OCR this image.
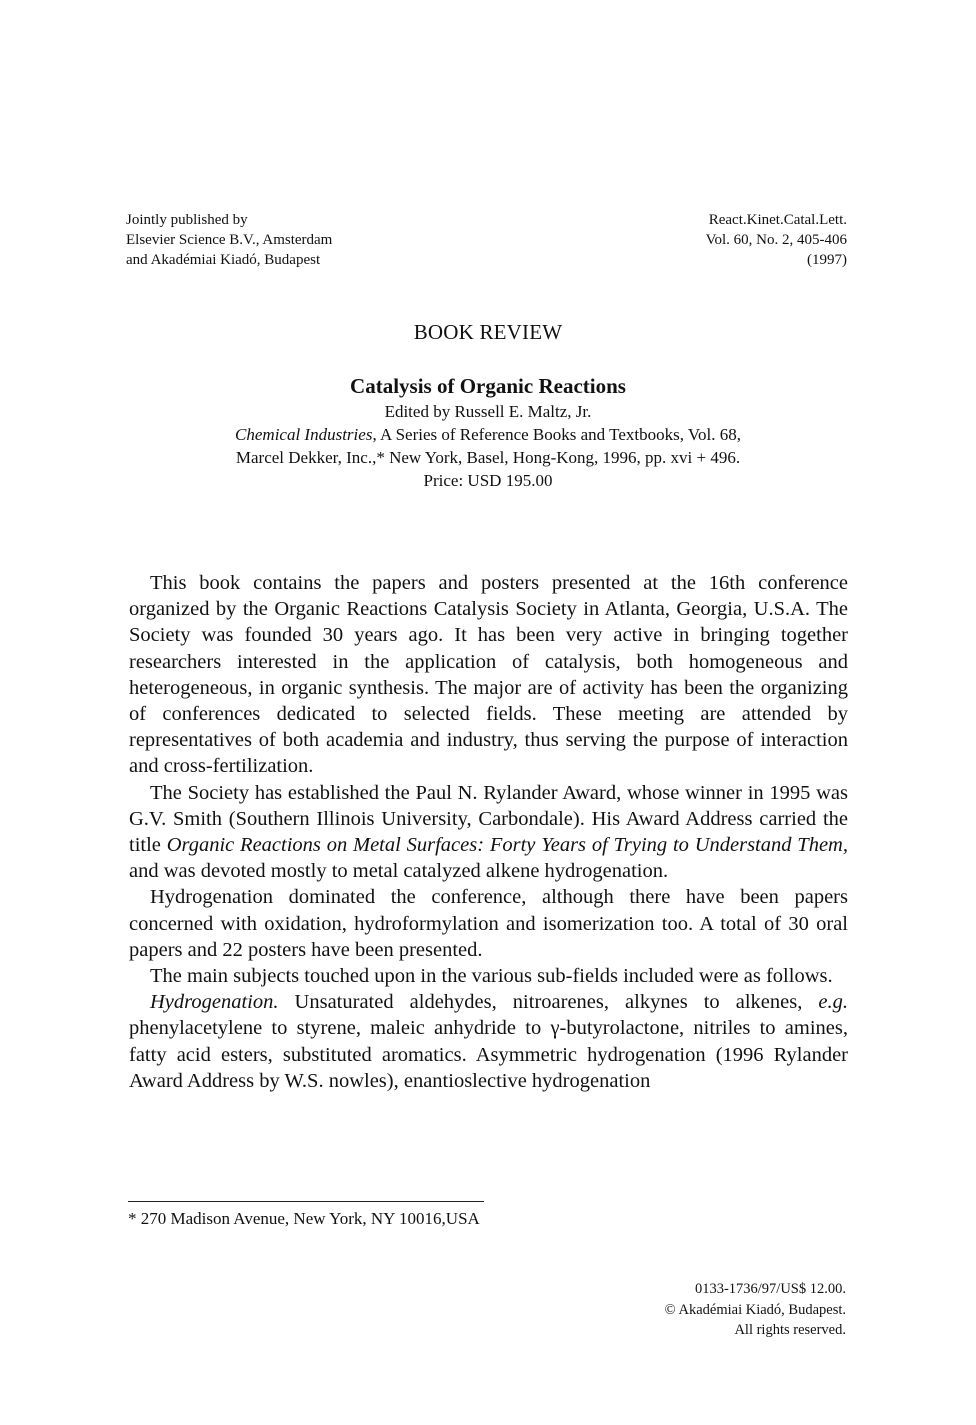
Jointly published by
Elsevier Science B.V., Amsterdam
and Akadémiai Kiadó, Budapest
React.Kinet.Catal.Lett.
Vol. 60, No. 2, 405-406
(1997)
BOOK REVIEW
Catalysis of Organic Reactions
Edited by Russell E. Maltz, Jr.
Chemical Industries, A Series of Reference Books and Textbooks, Vol. 68,
Marcel Dekker, Inc.,* New York, Basel, Hong-Kong, 1996, pp. xvi + 496.
Price: USD 195.00

This book contains the papers and posters presented at the 16th conference organized by the Organic Reactions Catalysis Society in Atlanta, Georgia, U.S.A. The Society was founded 30 years ago. It has been very active in bringing together researchers interested in the application of catalysis, both homogeneous and heterogeneous, in organic synthesis. The major are of activity has been the organizing of conferences dedicated to selected fields. These meeting are attended by representatives of both academia and industry, thus serving the purpose of interaction and cross-fertilization.

The Society has established the Paul N. Rylander Award, whose winner in 1995 was G.V. Smith (Southern Illinois University, Carbondale). His Award Address carried the title Organic Reactions on Metal Surfaces: Forty Years of Trying to Understand Them, and was devoted mostly to metal catalyzed alkene hydrogenation.

Hydrogenation dominated the conference, although there have been papers concerned with oxidation, hydroformylation and isomerization too. A total of 30 oral papers and 22 posters have been presented.

The main subjects touched upon in the various sub-fields included were as follows.

Hydrogenation. Unsaturated aldehydes, nitroarenes, alkynes to alkenes, e.g. phenylacetylene to styrene, maleic anhydride to γ-butyrolactone, nitriles to amines, fatty acid esters, substituted aromatics. Asymmetric hydrogenation (1996 Rylander Award Address by W.S. nowles), enantioslective hydrogenation

* 270 Madison Avenue, New York, NY 10016,USA
0133-1736/97/US$ 12.00.
© Akadémiai Kiadó, Budapest.
All rights reserved.
